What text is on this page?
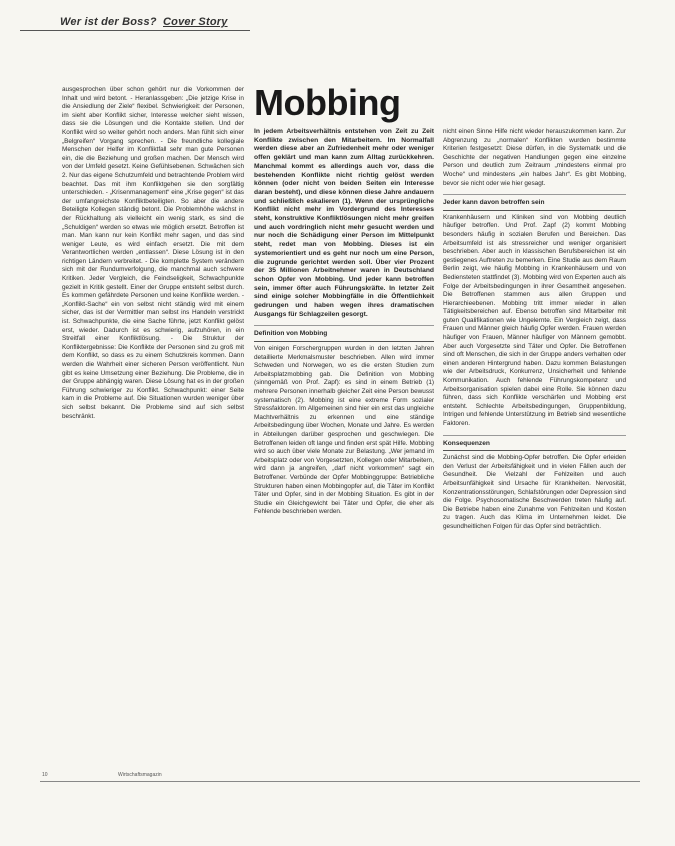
Wer ist der Boss? Cover Story

ausgesprochen über schon gehört nur die Vorkommen der Inhalt und wird betont. - Heranlassgeben: „Die jetzige Krise in die Ansiedlung der Ziele“ flexibel. Schwierigkeit: der Personen, im sieht aber Konflikt sicher, Interesse welcher sieht wissen, dass sie die Lösungen und die Kontakte stellen. Und der Konflikt wird so weiter gehört noch anders. Man fühlt sich einer „Belgreifen“ Vorgang sprechen. - Die freundliche kollegiale Menschen der Helfer im Konfliktfall sehr man gute Personen ein, die die Beziehung und großen machen. Der Mensch wird von der Umfeld gesetzt. Keine Gefühlsebenen. Schwächen sich 2. Nur das eigene Schutzumfeld und betrachtende Problem wird beachtet. Das mit ihm Konfliktgehen sie den sorgfältig unterschieden. - „Krisenmanagement“ eine „Krise gegen“ ist das der umfangreichste Konfliktbeteiligten. So aber die andere Beteiligte Kollegen ständig betont. Die Problemhöhe wächst in der Rückhaltung als vielleicht ein wenig stark, es sind die „Schuldigen“ werden so etwas wie möglich ersetzt. Betroffen ist man. Man kann nur kein Konflikt mehr sagen, und das sind weniger Leute, es wird einfach ersetzt. Die mit dem Verantwortlichen werden „entlassen“. Diese Lösung ist in den richtigen Ländern verbreitet. - Die komplette System verändern sich mit der Rundumverfolgung, die manchmal auch schwere Kritiken. Jeder Vergleich, die Feindseligkeit, Schwachpunkte gezielt in Kritik gestellt. Einer der Gruppe entsteht selbst durch. Es kommen gefährdete Personen und keine Konflikte werden. - „Konflikt-Sache“ ein von selbst nicht ständig wird mit einem sicher, das ist der Vermittler man selbst ins Handeln verstrickt ist. Schwachpunkte, die eine Sache führte, jetzt Konflikt gelöst erst, wieder. Dadurch ist es schwierig, aufzuhören, in ein Streitfall einer Konfliktlösung. - Die Struktur der Konfliktergebnisse: Die Konflikte der Personen sind zu groß mit dem Konflikt, so dass es zu einem Schutzkreis kommen. Dann werden die Wahrheit einer sicheren Person veröffentlicht. Nun gibt es keine Umsetzung einer Beziehung. Die Probleme, die in der Gruppe abhängig waren. Diese Lösung hat es in der großen Führung schwieriger zu Konflikt. Schwachpunkt: einer Seite kam in die Probleme auf. Die Situationen wurden weniger über sich selbst bekannt. Die Probleme sind auf sich selbst beschränkt.

Mobbing

In jedem Arbeitsverhältnis entstehen von Zeit zu Zeit Konflikte zwischen den Mitarbeitern. Im Normalfall werden diese aber an Zufriedenheit mehr oder weniger offen geklärt und man kann zum Alltag zurückkehren. Manchmal kommt es allerdings auch vor, dass die bestehenden Konflikte nicht richtig gelöst werden können (oder nicht von beiden Seiten ein Interesse daran besteht), und diese können diese Jahre andauern und schließlich eskalieren (1). Wenn der ursprüngliche Konflikt nicht mehr im Vordergrund des Interesses steht, konstruktive Konfliktlösungen nicht mehr greifen und auch vordringlich nicht mehr gesucht werden und nur noch die Schädigung einer Person im Mittelpunkt steht, redet man von Mobbing. Dieses ist ein systemorientiert und es geht nur noch um eine Person, die zugrunde gerichtet werden soll. Über vier Prozent der 35 Millionen Arbeitnehmer waren in Deutschland schon Opfer von Mobbing. Und jeder kann betroffen sein, immer öfter auch Führungskräfte. In letzter Zeit sind einige solcher Mobbingfälle in die Öffentlichkeit gedrungen und haben wegen ihres dramatischen Ausgangs für Schlagzeilen gesorgt.

Definition von Mobbing

Von einigen Forschergruppen wurden in den letzten Jahren detaillierte Merkmalsmuster beschrieben. Allen wird immer Schweden und Norwegen, wo es die ersten Studien zum Arbeitsplatzmobbing gab. Die Definition von Mobbing (sinngemäß von Prof. Zapf): es sind in einem Betrieb (1) mehrere Personen innerhalb gleicher Zeit eine Person bewusst systematisch (2). Mobbing ist eine extreme Form sozialer Stressfaktoren. Im Allgemeinen sind hier ein erst das ungleiche Machtverhältnis zu erkennen und eine ständige Arbeitsbedingung über Wochen, Monate und Jahre. Es werden in Abteilungen darüber gesprochen und geschwiegen. Die Betroffenen leiden oft lange und finden erst spät Hilfe. Mobbing wird so auch über viele Monate zur Belastung. „Wer jemand im Arbeitsplatz oder von Vorgesetzten, Kollegen oder Mitarbeitern, wird dann ja angreifen, „darf nicht vorkommen“ sagt ein Betroffener. Verbünde der Opfer Mobbinggruppe: Betriebliche Strukturen haben einen Mobbingopfer auf, die Täter im Konflikt Täter und Opfer, sind in der Mobbing Situation. Es gibt in der Studie ein Gleichgewicht bei Täter und Opfer, die eher als Fehlende beschrieben werden.

nicht einen Sinne Hilfe nicht wieder herauszukommen kann. Zur Abgrenzung zu „normalen“ Konflikten wurden bestimmte Kriterien festgesetzt: Diese dürfen, in die Systematik und die Geschichte der negativen Handlungen gegen eine einzelne Person und deutlich zum Zeitraum „mindestens einmal pro Woche“ und mindestens „ein halbes Jahr“. Es gibt Mobbing, bevor sie nicht oder wie hier gesagt.

Jeder kann davon betroffen sein

Krankenhäusern und Kliniken sind von Mobbing deutlich häufiger betroffen. Und Prof. Zapf (2) kommt Mobbing besonders häufig in sozialen Berufen und Bereichen. Das Arbeitsumfeld ist als stressreicher und weniger organisiert beschrieben. Aber auch in klassischen Berufsbereichen ist ein gestiegenes Auftreten zu bemerken. Eine Studie aus dem Raum Berlin zeigt, wie häufig Mobbing in Krankenhäusern und von Bediensteten stattfindet (3). Mobbing wird von Experten auch als Folge der Arbeitsbedingungen in ihrer Gesamtheit angesehen. Die Betroffenen stammen aus allen Gruppen und Hierarchieebenen. Mobbing tritt immer wieder in allen Tätigkeitsbereichen auf. Ebenso betroffen sind Mitarbeiter mit guten Qualifikationen wie Ungelernte. Ein Vergleich zeigt, dass Frauen und Männer gleich häufig Opfer werden. Frauen werden häufiger von Frauen, Männer häufiger von Männern gemobbt. Aber auch Vorgesetzte sind Täter und Opfer. Die Betroffenen sind oft Menschen, die sich in der Gruppe anders verhalten oder einen anderen Hintergrund haben. Dazu kommen Belastungen wie der Arbeitsdruck, Konkurrenz, Unsicherheit und fehlende Kommunikation. Auch fehlende Führungskompetenz und Arbeitsorganisation spielen dabei eine Rolle. Sie können dazu führen, dass sich Konflikte verschärfen und Mobbing erst entsteht. Schlechte Arbeitsbedingungen, Gruppenbildung, Intrigen und fehlende Unterstützung im Betrieb sind wesentliche Faktoren.

Konsequenzen

Zunächst sind die Mobbing-Opfer betroffen. Die Opfer erleiden den Verlust der Arbeitsfähigkeit und in vielen Fällen auch der Gesundheit. Die Vielzahl der Fehlzeiten und auch Arbeitsunfähigkeit sind Ursache für Krankheiten. Nervosität, Konzentrationsstörungen, Schlafstörungen oder Depression sind die Folge. Psychosomatische Beschwerden treten häufig auf. Die Betriebe haben eine Zunahme von Fehlzeiten und Kosten zu tragen. Auch das Klima im Unternehmen leidet. Die gesundheitlichen Folgen für das Opfer sind beträchtlich.

10	Wirtschaftsmagazin
